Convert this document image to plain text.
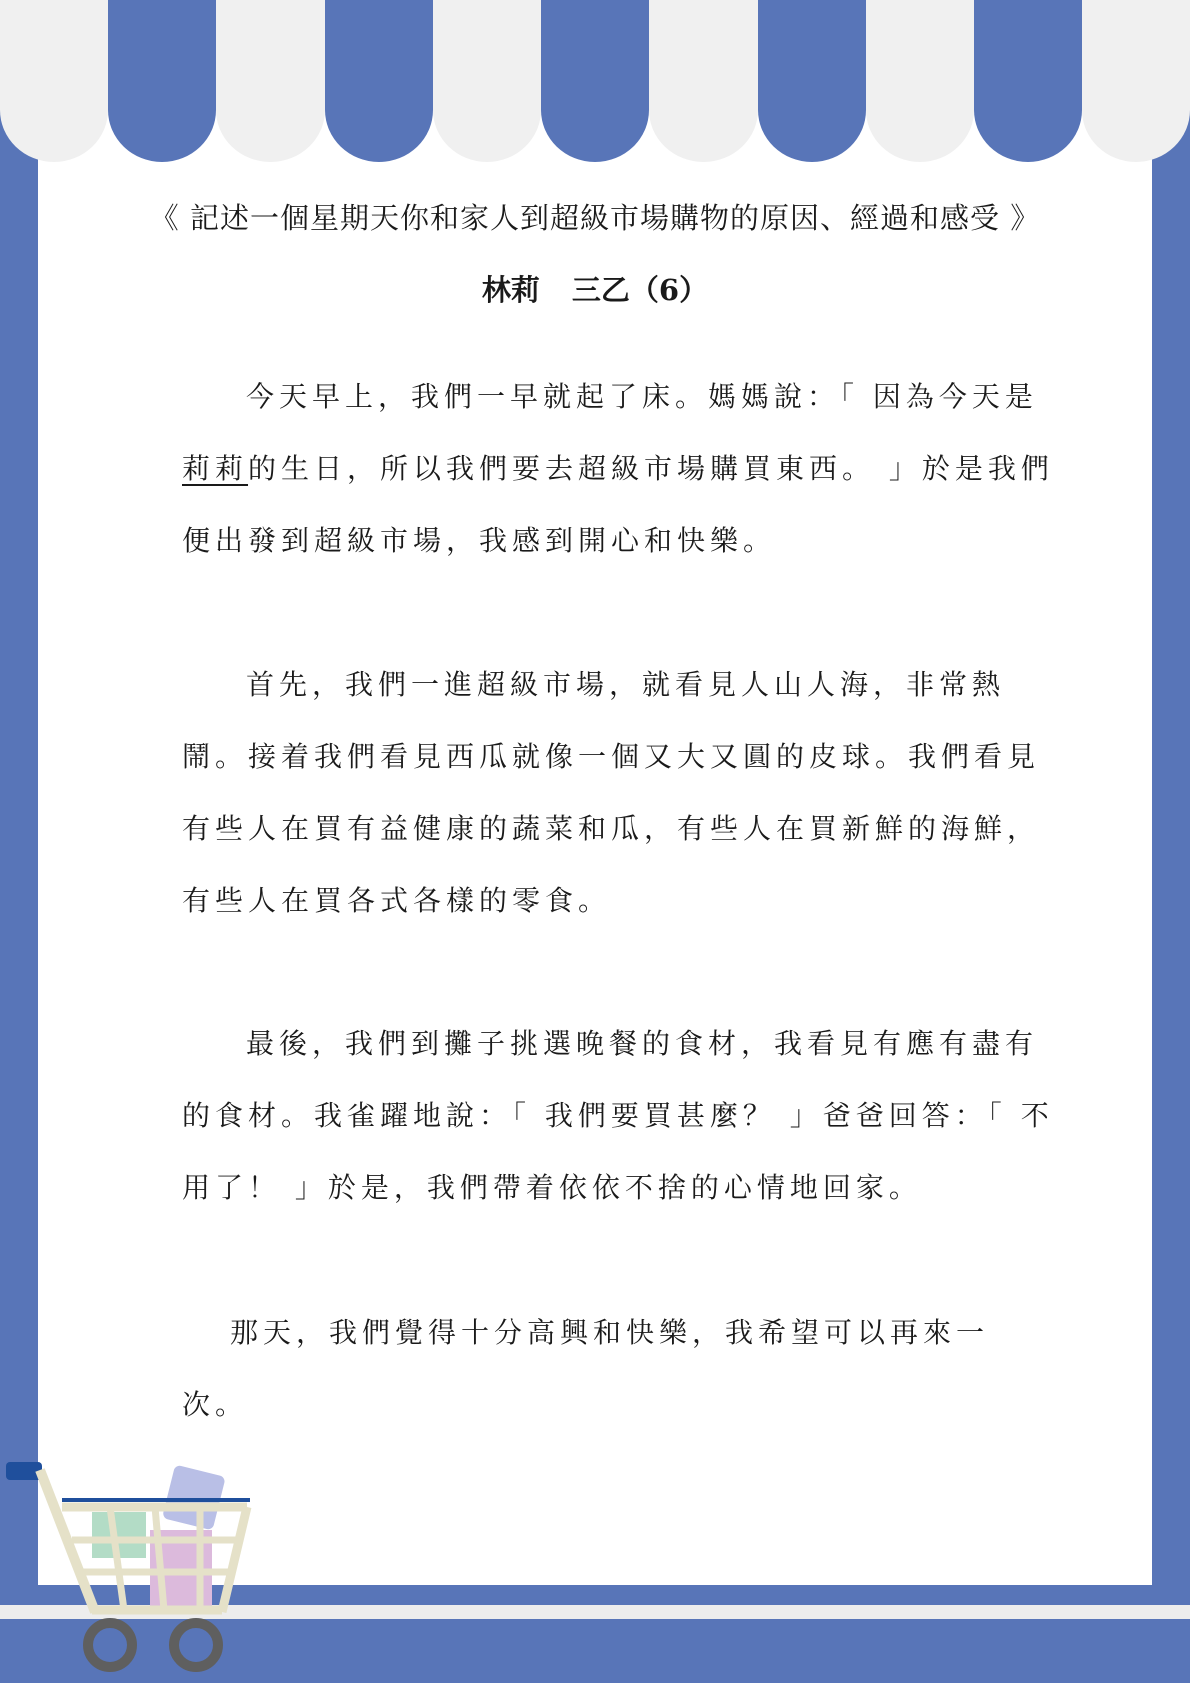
《 記述一個星期天你和家人到超級市場購物的原因、經過和感受 》
林莉 三乙（6）

今天早上，我們一早就起了床。媽媽說：「 因為今天是

莉莉的生日，所以我們要去超級市場購買東西。 」於是我們

便出發到超級市場，我感到開心和快樂。

首先，我們一進超級市場，就看見人山人海，非常熱

鬧。接着我們看見西瓜就像一個又大又圓的皮球。我們看見

有些人在買有益健康的蔬菜和瓜，有些人在買新鮮的海鮮，

有些人在買各式各樣的零食。

最後，我們到攤子挑選晚餐的食材，我看見有應有盡有

的食材。我雀躍地說：「 我們要買甚麼？ 」爸爸回答：「 不

用了！ 」於是，我們帶着依依不捨的心情地回家。

那天，我們覺得十分高興和快樂，我希望可以再來一

次。
